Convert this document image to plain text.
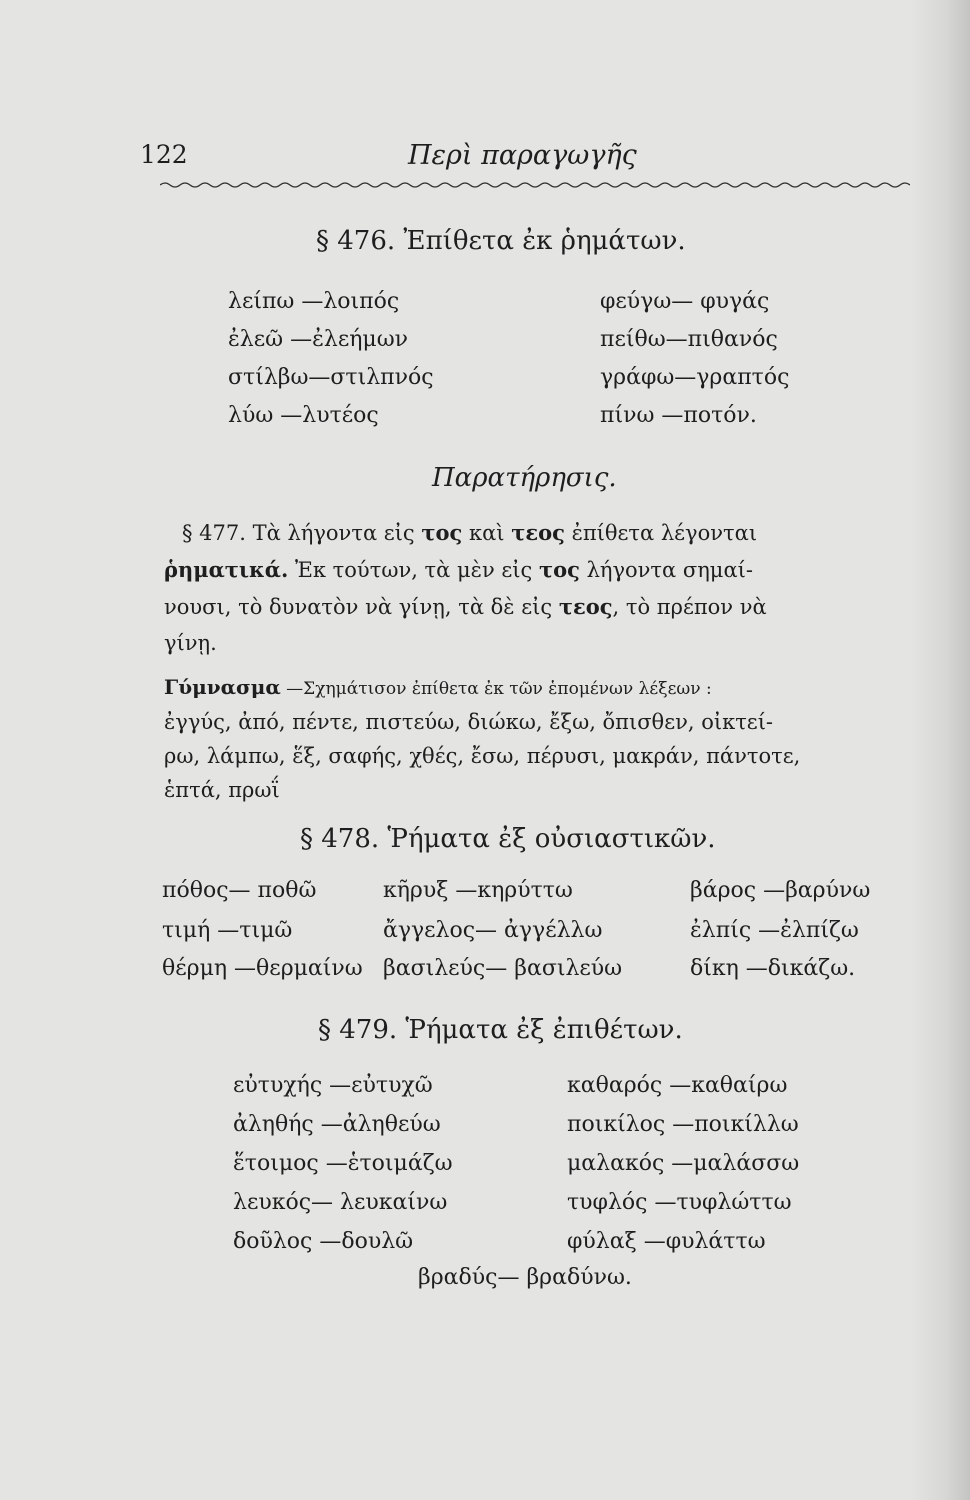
122	Περὶ παραγωγῆς
§ 476. Ἐπίθετα ἐκ ῥημάτων.
λείπω —λοιπός
ἐλεῶ —ἐλεήμων
στίλβω—στιλπνός
λύω —λυτέος
φεύγω— φυγάς
πείθω—πιθανός
γράφω—γραπτός
πίνω —ποτόν.
Παρατήρησις.
§ 477. Τὰ λήγοντα εἰς τος καὶ τεος ἐπίθετα λέγονται
ῥηματικά. Ἐκ τούτων, τὰ μὲν εἰς τος λήγοντα σημαί-
νουσι, τὸ δυνατὸν νὰ γίνῃ, τὰ δὲ εἰς τεος, τὸ πρέπον νὰ
γίνῃ.
Γύμνασμα —Σχημάτισον ἐπίθετα ἐκ τῶν ἑπομένων λέξεων :
ἐγγύς, ἀπό, πέντε, πιστεύω, διώκω, ἔξω, ὄπισθεν, οἰκτεί-
ρω, λάμπω, ἕξ, σαφής, χθές, ἔσω, πέρυσι, μακράν, πάντοτε,
ἑπτά, πρωΐ
§ 478. Ῥήματα ἐξ οὐσιαστικῶν.
πόθος— ποθῶ
τιμή —τιμῶ
θέρμη —θερμαίνω
κῆρυξ —κηρύττω
ἄγγελος— ἀγγέλλω
βασιλεύς— βασιλεύω
βάρος —βαρύνω
ἐλπίς —ἐλπίζω
δίκη —δικάζω.
§ 479. Ῥήματα ἐξ ἐπιθέτων.
εὐτυχής —εὐτυχῶ
ἀληθής —ἀληθεύω
ἕτοιμος —ἑτοιμάζω
λευκός— λευκαίνω
δοῦλος —δουλῶ
καθαρός —καθαίρω
ποικίλος —ποικίλλω
μαλακός —μαλάσσω
τυφλός —τυφλώττω
φύλαξ —φυλάττω
βραδύς— βραδύνω.
